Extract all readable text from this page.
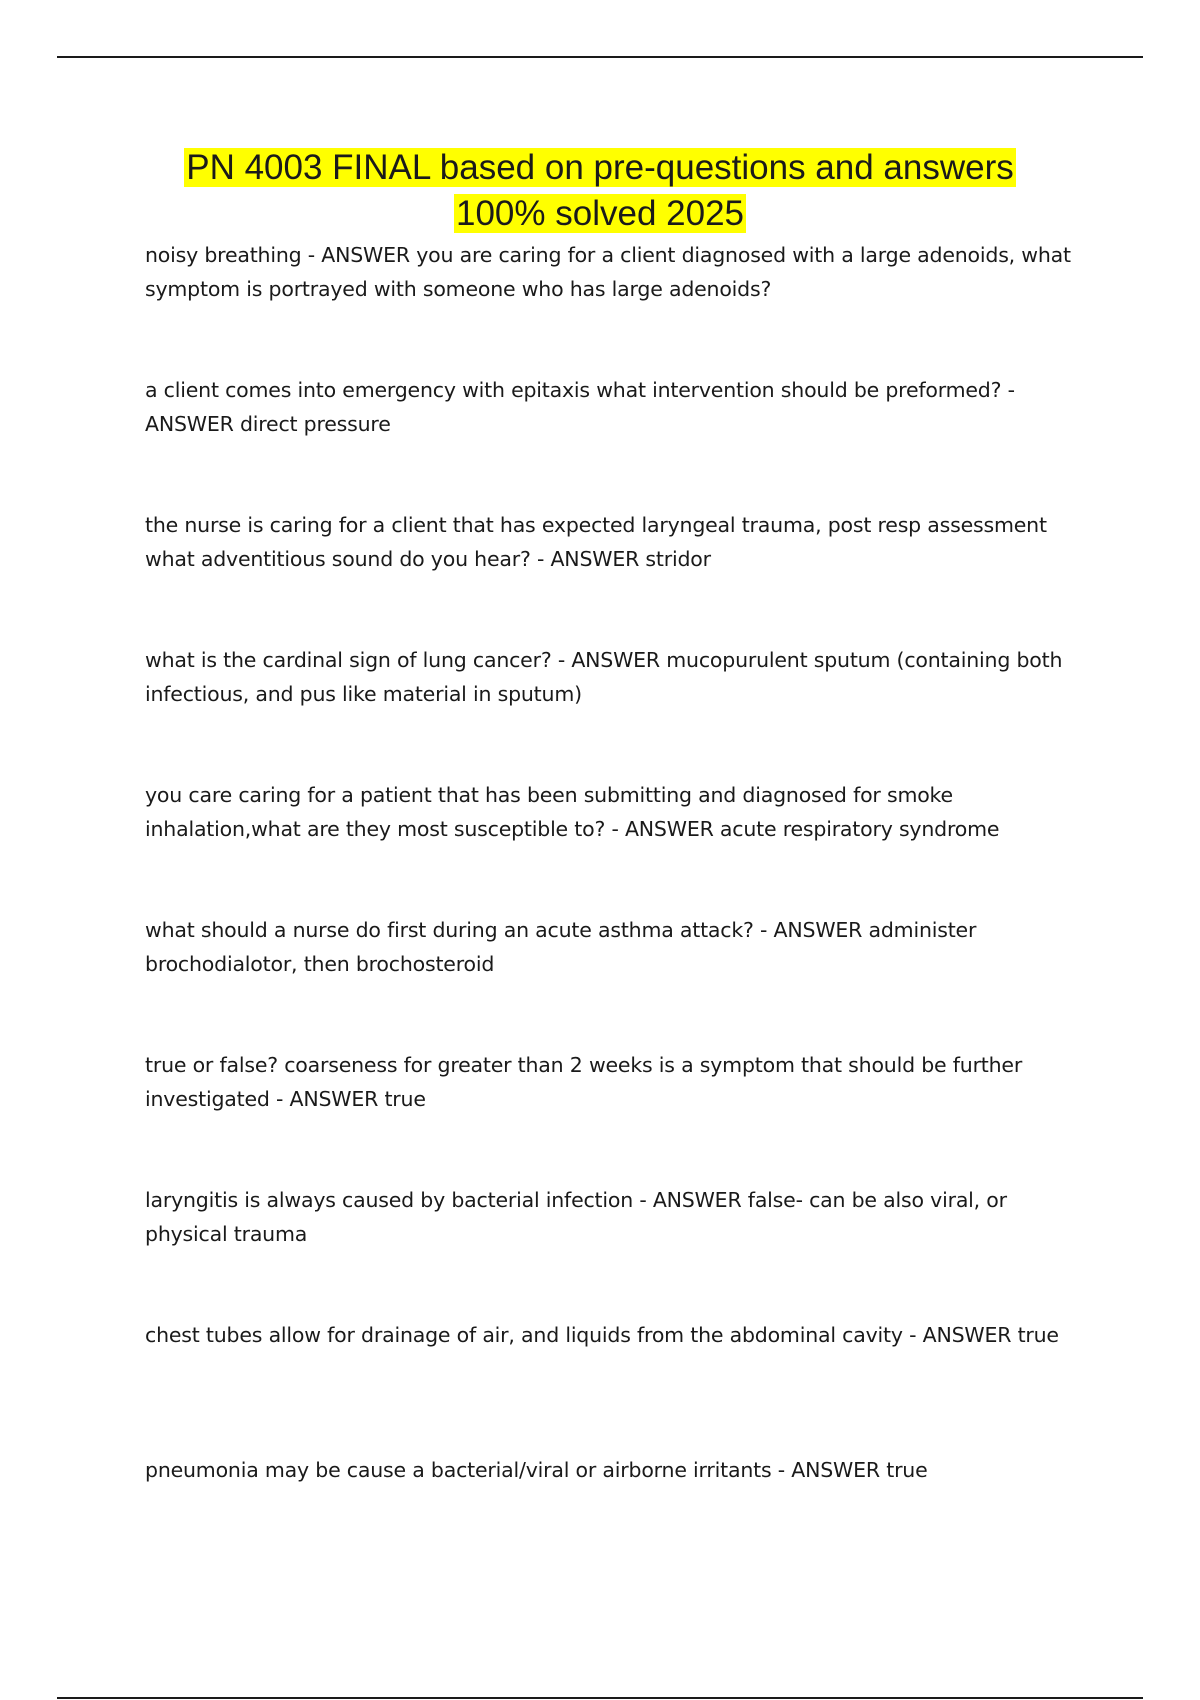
PN 4003 FINAL based on pre-questions and answers
100% solved 2025
noisy breathing - ANSWER you are caring for a client diagnosed with a large adenoids, what symptom is portrayed with someone who has large adenoids?
a client comes into emergency with epitaxis what intervention should be preformed? - ANSWER direct pressure
the nurse is caring for a client that has expected laryngeal trauma, post resp assessment what adventitious sound do you hear? - ANSWER stridor
what is the cardinal sign of lung cancer? - ANSWER mucopurulent sputum (containing both infectious, and pus like material in sputum)
you care caring for a patient that has been submitting and diagnosed for smoke inhalation,what are they most susceptible to? - ANSWER acute respiratory syndrome
what should a nurse do first during an acute asthma attack? - ANSWER administer brochodialotor, then brochosteroid
true or false? coarseness for greater than 2 weeks is a symptom that should be further investigated - ANSWER true
laryngitis is always caused by bacterial infection - ANSWER false- can be also viral, or physical trauma
chest tubes allow for drainage of air, and liquids from the abdominal cavity - ANSWER true
pneumonia may be cause a bacterial/viral or airborne irritants - ANSWER true
